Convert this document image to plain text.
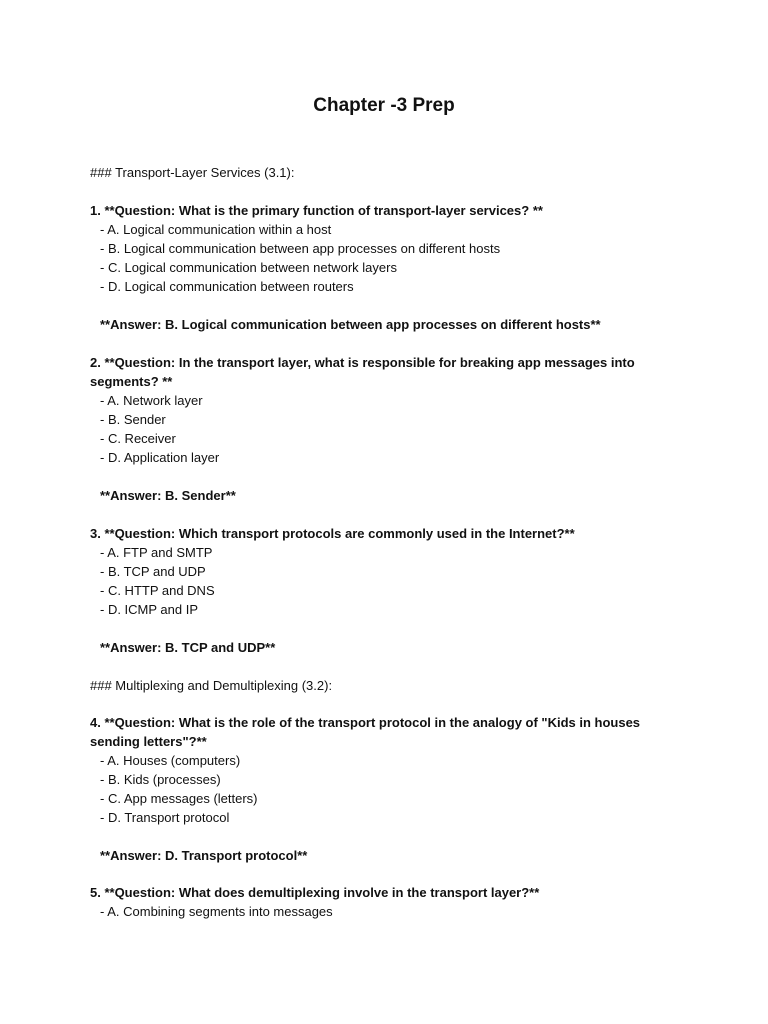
Chapter -3 Prep
### Transport-Layer Services (3.1):
1. **Question: What is the primary function of transport-layer services? **
- A. Logical communication within a host
- B. Logical communication between app processes on different hosts
- C. Logical communication between network layers
- D. Logical communication between routers
**Answer: B. Logical communication between app processes on different hosts**
2. **Question: In the transport layer, what is responsible for breaking app messages into
segments? **
- A. Network layer
- B. Sender
- C. Receiver
- D. Application layer
**Answer: B. Sender**
3. **Question: Which transport protocols are commonly used in the Internet?**
- A. FTP and SMTP
- B. TCP and UDP
- C. HTTP and DNS
- D. ICMP and IP
**Answer: B. TCP and UDP**
### Multiplexing and Demultiplexing (3.2):
4. **Question: What is the role of the transport protocol in the analogy of "Kids in houses
sending letters"?**
- A. Houses (computers)
- B. Kids (processes)
- C. App messages (letters)
- D. Transport protocol
**Answer: D. Transport protocol**
5. **Question: What does demultiplexing involve in the transport layer?**
- A. Combining segments into messages
